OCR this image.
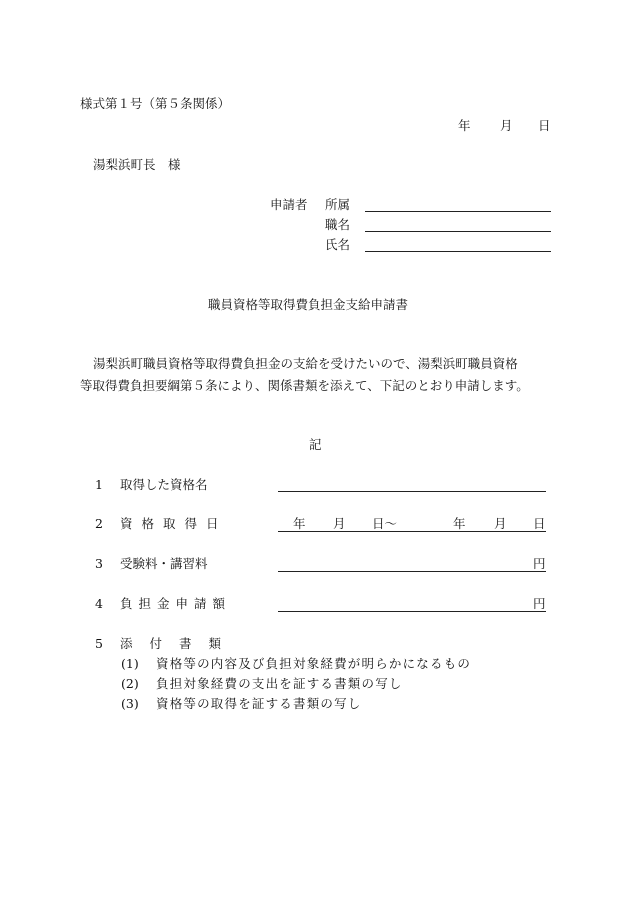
様式第１号（第５条関係）
年 月 日
湯梨浜町長　様
申請者 所属
職名
氏名
職員資格等取得費負担金支給申請書
湯梨浜町職員資格等取得費負担金の支給を受けたいので、湯梨浜町職員資格
等取得費負担要綱第５条により、関係書類を添えて、下記のとおり申請します。
記
1 取得した資格名
2 資格取得日	年 月 日～	年 月 日
3 受験料・講習料	円
4 負担金申請額	円
5 添付書類
(1) 資格等の内容及び負担対象経費が明らかになるもの
(2) 負担対象経費の支出を証する書類の写し
(3) 資格等の取得を証する書類の写し
